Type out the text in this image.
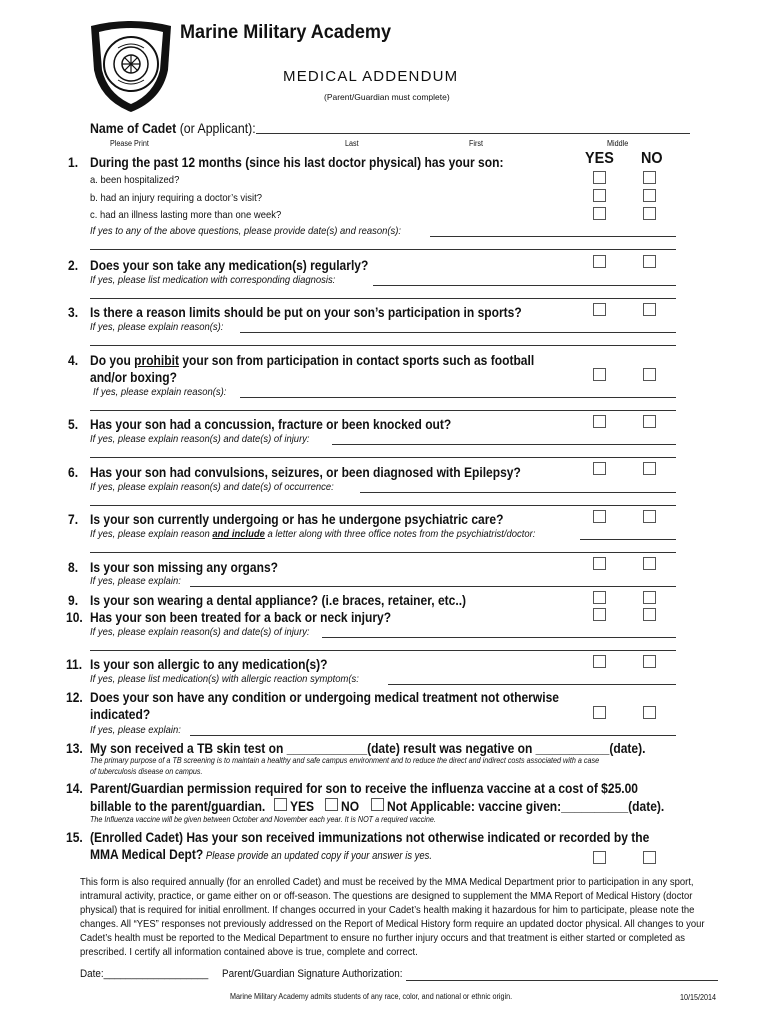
Marine Military Academy
MEDICAL ADDENDUM
(Parent/Guardian must complete)
Name of Cadet (or Applicant):
Please Print	Last	First	Middle
YES NO
1. During the past 12 months (since his last doctor physical) has your son:
a. been hospitalized?
b. had an injury requiring a doctor’s visit?
c. had an illness lasting more than one week?
If yes to any of the above questions, please provide date(s) and reason(s):
2. Does your son take any medication(s) regularly?
If yes, please list medication with corresponding diagnosis:
3. Is there a reason limits should be put on your son’s participation in sports?
If yes, please explain reason(s):
4. Do you prohibit your son from participation in contact sports such as football
and/or boxing?
If yes, please explain reason(s):
5. Has your son had a concussion, fracture or been knocked out?
If yes, please explain reason(s) and date(s) of injury:
6. Has your son had convulsions, seizures, or been diagnosed with Epilepsy?
If yes, please explain reason(s) and date(s) of occurrence:
7. Is your son currently undergoing or has he undergone psychiatric care?
If yes, please explain reason and include a letter along with three office notes from the psychiatrist/doctor:
8. Is your son missing any organs?
If yes, please explain:
9. Is your son wearing a dental appliance? (i.e braces, retainer, etc..)
10. Has your son been treated for a back or neck injury?
If yes, please explain reason(s) and date(s) of injury:
11. Is your son allergic to any medication(s)?
If yes, please list medication(s) with allergic reaction symptom(s:
12. Does your son have any condition or undergoing medical treatment not otherwise
indicated?
If yes, please explain:
13. My son received a TB skin test on ____________(date) result was negative on ___________(date).
The primary purpose of a TB screening is to maintain a healthy and safe campus environment and to reduce the direct and indirect costs associated with a case
of tuberculosis disease on campus.
14. Parent/Guardian permission required for son to receive the influenza vaccine at a cost of $25.00
billable to the parent/guardian. YES NO Not Applicable: vaccine given:__________(date).
The Influenza vaccine will be given between October and November each year. It is NOT a required vaccine.
15. (Enrolled Cadet) Has your son received immunizations not otherwise indicated or recorded by the
MMA Medical Dept? Please provide an updated copy if your answer is yes.
This form is also required annually (for an enrolled Cadet) and must be received by the MMA Medical Department prior to participation in any sport,
intramural activity, practice, or game either on or off-season. The questions are designed to supplement the MMA Report of Medical History (doctor
physical) that is required for initial enrollment. If changes occurred in your Cadet’s health making it hazardous for him to participate, please note the
changes. All “YES” responses not previously addressed on the Report of Medical History form require an updated doctor physical. All changes to your
Cadet’s health must be reported to the Medical Department to ensure no further injury occurs and that treatment is either started or completed as
prescribed. I certify all information contained above is true, complete and correct.
Date:___________________ Parent/Guardian Signature Authorization:
Marine Military Academy admits students of any race, color, and national or ethnic origin.	10/15/2014
